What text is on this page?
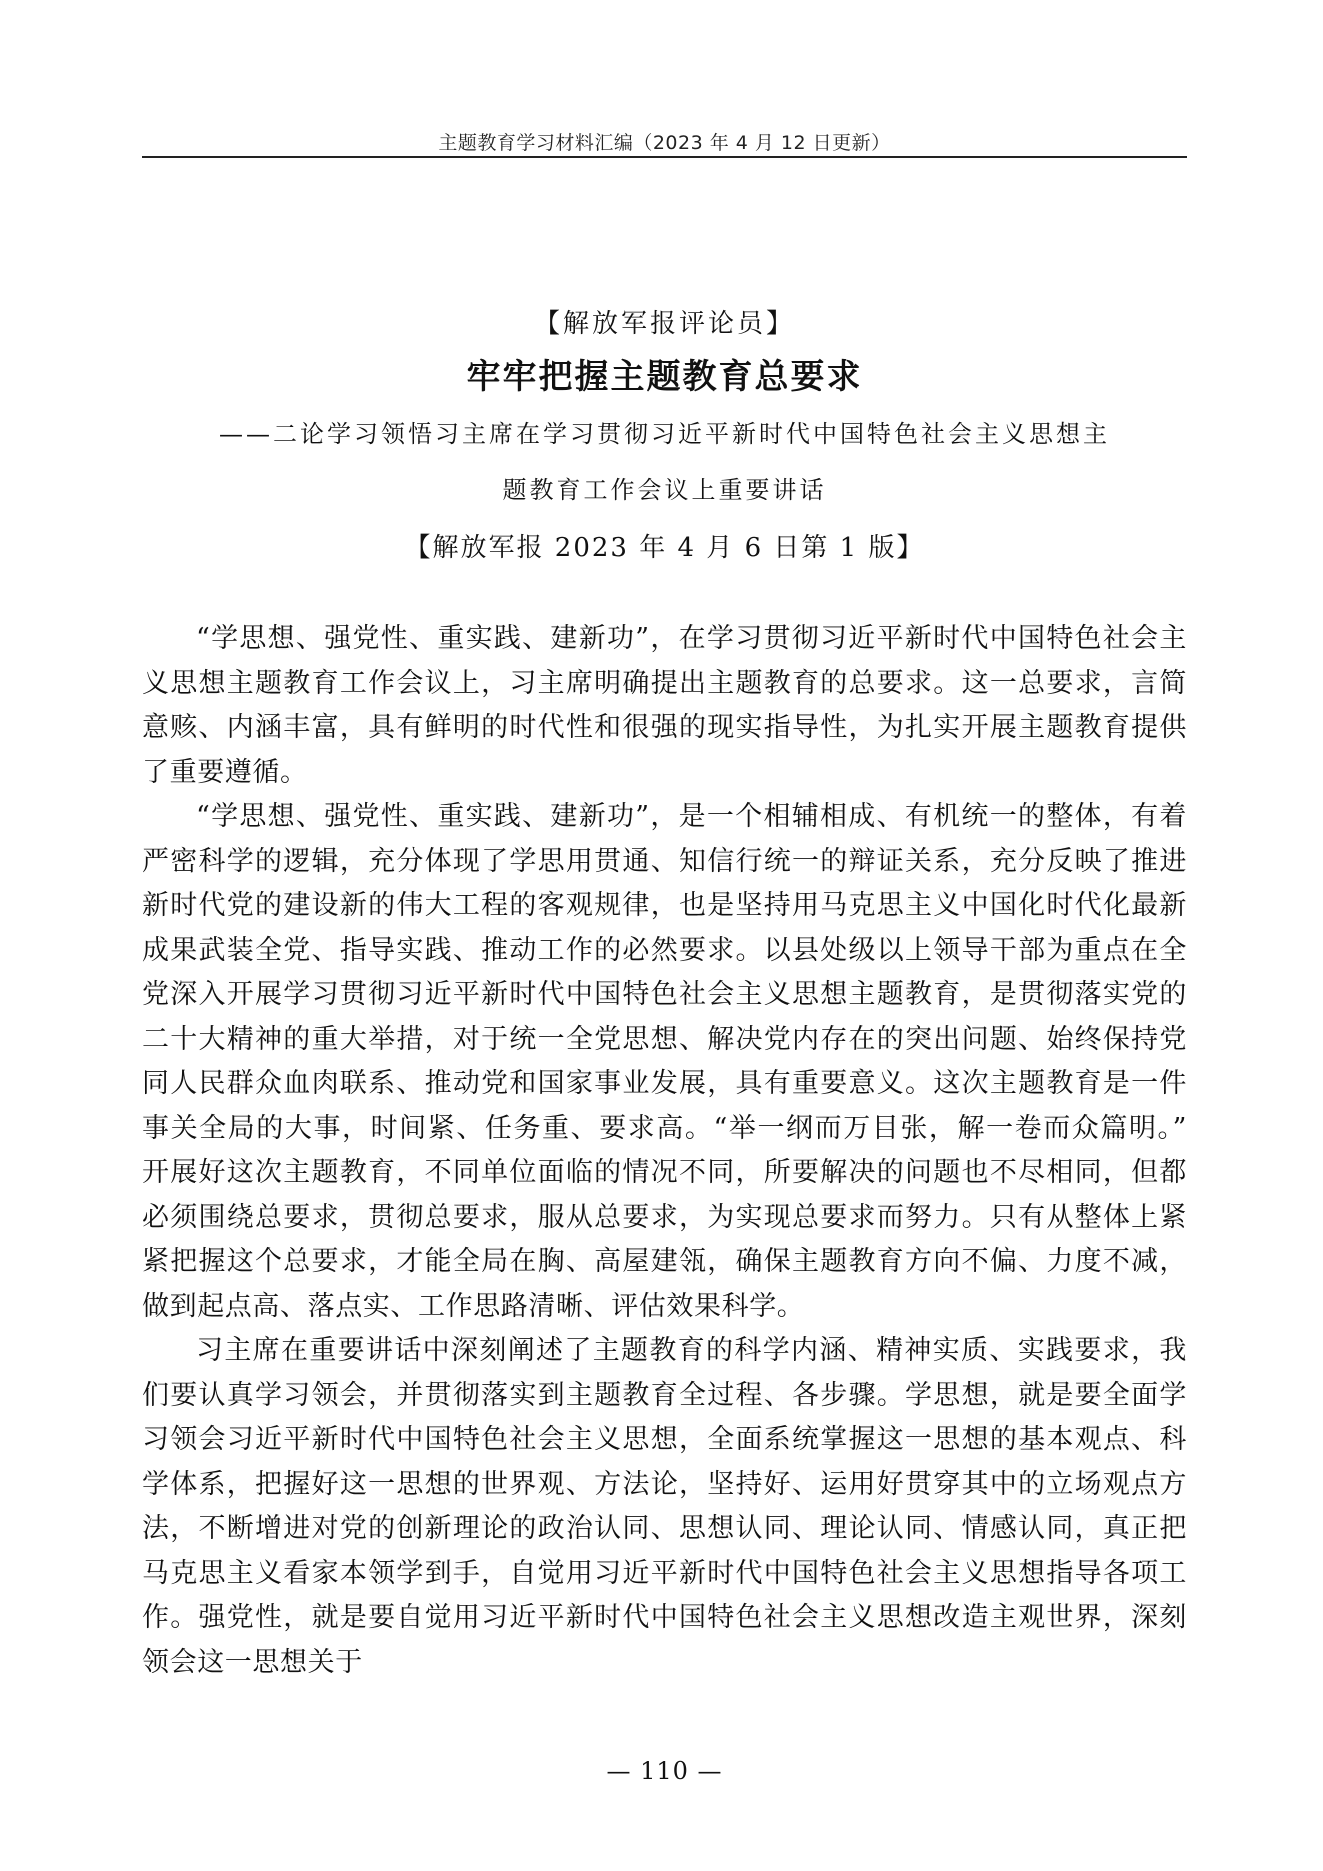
主题教育学习材料汇编（2023 年 4 月 12 日更新）
【解放军报评论员】
牢牢把握主题教育总要求
——二论学习领悟习主席在学习贯彻习近平新时代中国特色社会主义思想主
题教育工作会议上重要讲话
【解放军报 2023 年 4 月 6 日第 1 版】

“学思想、强党性、重实践、建新功”，在学习贯彻习近平新时代中国特色社会主义思想主题教育工作会议上，习主席明确提出主题教育的总要求。这一总要求，言简意赅、内涵丰富，具有鲜明的时代性和很强的现实指导性，为扎实开展主题教育提供了重要遵循。

“学思想、强党性、重实践、建新功”，是一个相辅相成、有机统一的整体，有着严密科学的逻辑，充分体现了学思用贯通、知信行统一的辩证关系，充分反映了推进新时代党的建设新的伟大工程的客观规律，也是坚持用马克思主义中国化时代化最新成果武装全党、指导实践、推动工作的必然要求。以县处级以上领导干部为重点在全党深入开展学习贯彻习近平新时代中国特色社会主义思想主题教育，是贯彻落实党的二十大精神的重大举措，对于统一全党思想、解决党内存在的突出问题、始终保持党同人民群众血肉联系、推动党和国家事业发展，具有重要意义。这次主题教育是一件事关全局的大事，时间紧、任务重、要求高。“举一纲而万目张，解一卷而众篇明。” 开展好这次主题教育，不同单位面临的情况不同，所要解决的问题也不尽相同，但都必须围绕总要求，贯彻总要求，服从总要求，为实现总要求而努力。只有从整体上紧紧把握这个总要求，才能全局在胸、高屋建瓴，确保主题教育方向不偏、力度不减，做到起点高、落点实、工作思路清晰、评估效果科学。

习主席在重要讲话中深刻阐述了主题教育的科学内涵、精神实质、实践要求，我们要认真学习领会，并贯彻落实到主题教育全过程、各步骤。学思想，就是要全面学习领会习近平新时代中国特色社会主义思想，全面系统掌握这一思想的基本观点、科学体系，把握好这一思想的世界观、方法论，坚持好、运用好贯穿其中的立场观点方法，不断增进对党的创新理论的政治认同、思想认同、理论认同、情感认同，真正把马克思主义看家本领学到手，自觉用习近平新时代中国特色社会主义思想指导各项工作。强党性，就是要自觉用习近平新时代中国特色社会主义思想改造主观世界，深刻领会这一思想关于

— 110 —
